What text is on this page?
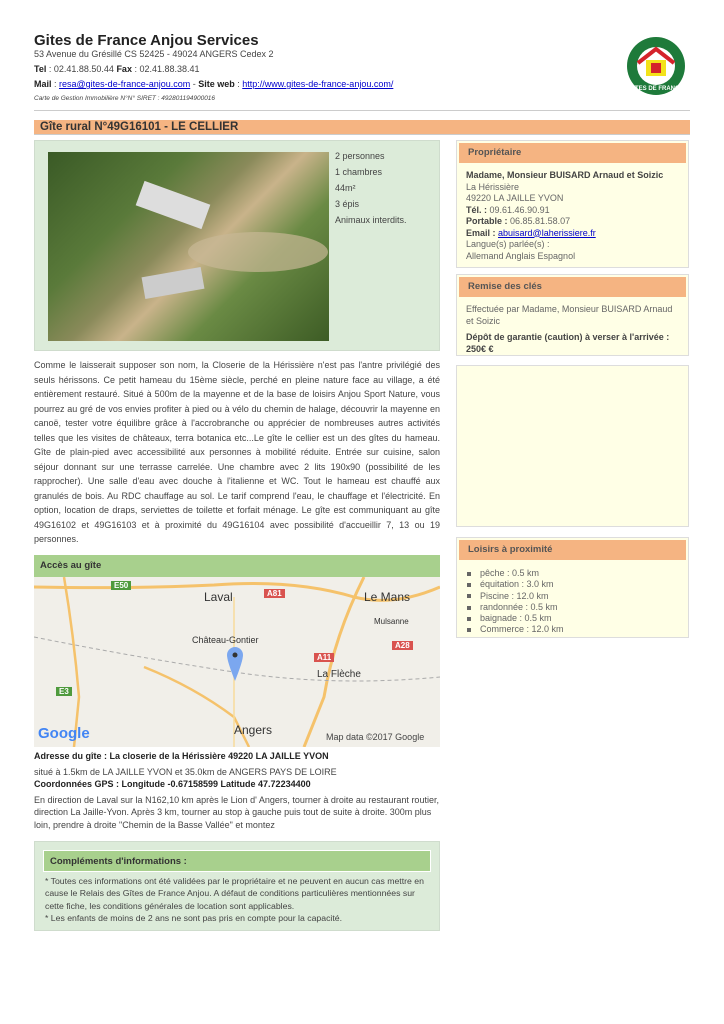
Gites de France Anjou Services
53 Avenue du Grésillé CS 52425 - 49024 ANGERS Cedex 2
Tel : 02.41.88.50.44 Fax : 02.41.88.38.41
Mail : resa@gites-de-france-anjou.com - Site web : http://www.gites-de-france-anjou.com/
Carte de Gestion Immobilière N°N° SIRET : 492801194900016
GITES DE FRANCE
Gîte rural N°49G16101 - LE CELLIER
2 personnes
1 chambres
44m²
3 épis
Animaux interdits.
Propriétaire
Madame, Monsieur BUISARD Arnaud et Soizic
La Hérissière
49220 LA JAILLE YVON
Tél. : 09.61.46.90.91
Portable : 06.85.81.58.07
Email : abuisard@laherissiere.fr
Langue(s) parlée(s) :
Allemand Anglais Espagnol
Remise des clés
Effectuée par Madame, Monsieur BUISARD Arnaud et Soizic
Dépôt de garantie (caution) à verser à l'arrivée : 250€ €
Loisirs à proximité
pêche : 0.5 km
équitation : 3.0 km
Piscine : 12.0 km
randonnée : 0.5 km
baignade : 0.5 km
Commerce : 12.0 km
Comme le laisserait supposer son nom, la Closerie de la Hérissière n'est pas l'antre privilégié des seuls hérissons. Ce petit hameau du 15ème siècle, perché en pleine nature face au village, a été entièrement restauré. Situé à 500m de la mayenne et de la base de loisirs Anjou Sport Nature, vous pourrez au gré de vos envies profiter à pied ou à vélo du chemin de halage, découvrir la mayenne en canoë, tester votre équilibre grâce à l'accrobranche ou apprécier de nombreuses autres activités telles que les visites de châteaux, terra botanica etc...Le gîte le cellier est un des gîtes du hameau. Gîte de plain-pied avec accessibilité aux personnes à mobilité réduite. Entrée sur cuisine, salon séjour donnant sur une terrasse carrelée. Une chambre avec 2 lits 190x90 (possibilité de les rapprocher). Une salle d'eau avec douche à l'italienne et WC. Tout le hameau est chauffé aux granulés de bois. Au RDC chauffage au sol. Le tarif comprend l'eau, le chauffage et l'électricité. En option, location de draps, serviettes de toilette et forfait ménage. Le gîte est communiquant au gîte 49G16102 et 49G16103 et à proximité du 49G16104 avec possibilité d'accueillir 7, 13 ou 19 personnes.
Accès au gîte
Laval	Le Mans
Mulsanne
Château-Gontier
La Flèche
Angers
E50
A81
A28
A11
E3
Google	Map data ©2017 Google
Adresse du gîte : La closerie de la Hérissière 49220 LA JAILLE YVON
situé à 1.5km de LA JAILLE YVON et 35.0km de ANGERS PAYS DE LOIRE
Coordonnées GPS : Longitude -0.67158599 Latitude 47.72234400
En direction de Laval sur la N162,10 km après le Lion d' Angers, tourner à droite au restaurant routier, direction La Jaille-Yvon. Après 3 km, tourner au stop à gauche puis tout de suite à droite. 300m plus loin, prendre à droite "Chemin de la Basse Vallée" et montez
Compléments d'informations :
* Toutes ces informations ont été validées par le propriétaire et ne peuvent en aucun cas mettre en cause le Relais des Gîtes de France Anjou. A défaut de conditions particulières mentionnées sur cette fiche, les conditions générales de location sont applicables.
* Les enfants de moins de 2 ans ne sont pas pris en compte pour la capacité.
